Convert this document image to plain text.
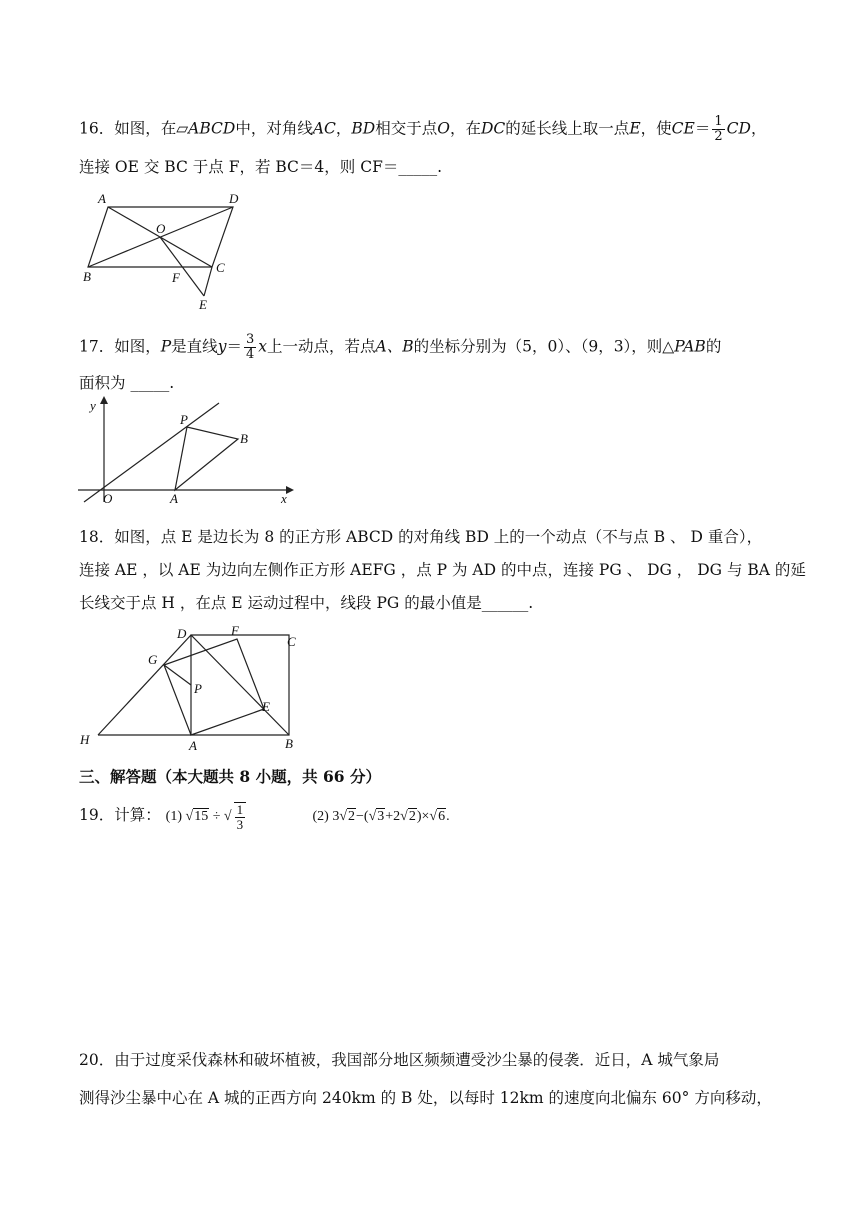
16．如图，在▱ABCD中，对角线AC，BD相交于点O，在DC的延长线上取一点E，使$CE= \frac{1}{2}$ CD，
连接 OE 交 BC 于点 F，若 BC＝4，则 CF＝_____.
A	D
O
B	F
C
E
17．如图，P是直线$y= \frac{3}{4}$ x上一动点，若点A、B的坐标分别为（5，0）、（9，3），则△PAB的
面积为 _____.
y
P
B
O	A	x
18．如图，点 E 是边长为 8 的正方形 ABCD 的对角线 BD 上的一个动点（不与点 B 、 D 重合），
连接 AE ，以 AE 为边向左侧作正方形 AEFG ，点 P 为 AD 的中点，连接 PG 、 DG ， DG 与 BA 的延
长线交于点 H ，在点 E 运动过程中，线段 PG 的最小值是______.
D	F
C
G
P
E
H	A	B
三、解答题（本大题共 8 小题，共 66 分）
19．计算： (1) √15 ÷ √ $\frac{1}{3}$	(2) 3√2−(√3+2√2)×√6.
20．由于过度采伐森林和破坏植被，我国部分地区频频遭受沙尘暴的侵袭．近日，A 城气象局
测得沙尘暴中心在 A 城的正西方向 240km 的 B 处，以每时 12km 的速度向北偏东 60° 方向移动，
